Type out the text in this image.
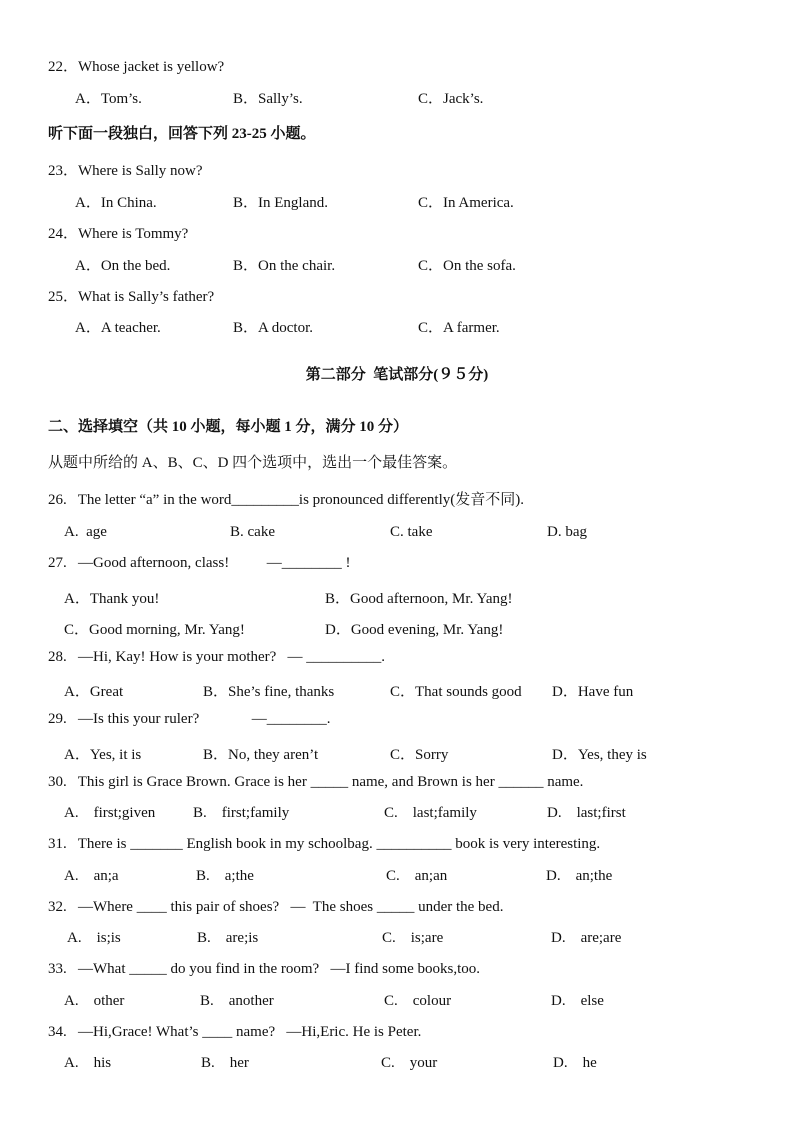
22．Whose jacket is yellow?
A．Tom’s.	B．Sally’s.	C．Jack’s.
听下面一段独白，回答下列 23-25 小题。
23．Where is Sally now?
A．In China.	B．In England.	C．In America.
24．Where is Tommy?
A．On the bed.	B．On the chair.	C．On the sofa.
25．What is Sally’s father?
A．A teacher.	B．A doctor.	C．A farmer.
第二部分  笔试部分(９５分)
二、选择填空（共 10 小题，每小题 1 分，满分 10 分）
从题中所给的 A、B、C、D 四个选项中，选出一个最佳答案。
26.   The letter “a” in the word_________is pronounced differently(发音不同).
A.  age	B. cake	C. take	D. bag
27.   —Good afternoon, class!          —________ !
A．Thank you!	B．Good afternoon, Mr. Yang!
C．Good morning, Mr. Yang!	D．Good evening, Mr. Yang!
28.   —Hi, Kay! How is your mother?   — __________.
A．Great	B．She’s fine, thanks	C．That sounds good D．Have fun
29.   —Is this your ruler?              —________.
A．Yes, it is	B．No, they aren’t	C．Sorry	D．Yes, they is
30.   This girl is Grace Brown. Grace is her _____ name, and Brown is her ______ name.
A.    first;given	B.    first;family	C.    last;family	D.    last;first
31.   There is _______ English book in my schoolbag. __________ book is very interesting.
A.    an;a	B.    a;the	C.    an;an	D.    an;the
32.   —Where ____ this pair of shoes?   —  The shoes _____ under the bed.
A.    is;is	B.    are;is	C.    is;are	D.    are;are
33.   —What _____ do you find in the room?   —I find some books,too.
A.    other	B.    another	C.    colour	D.    else
34.   —Hi,Grace! What’s ____ name?   —Hi,Eric. He is Peter.
A.    his	B.    her	C.    your	D.    he
